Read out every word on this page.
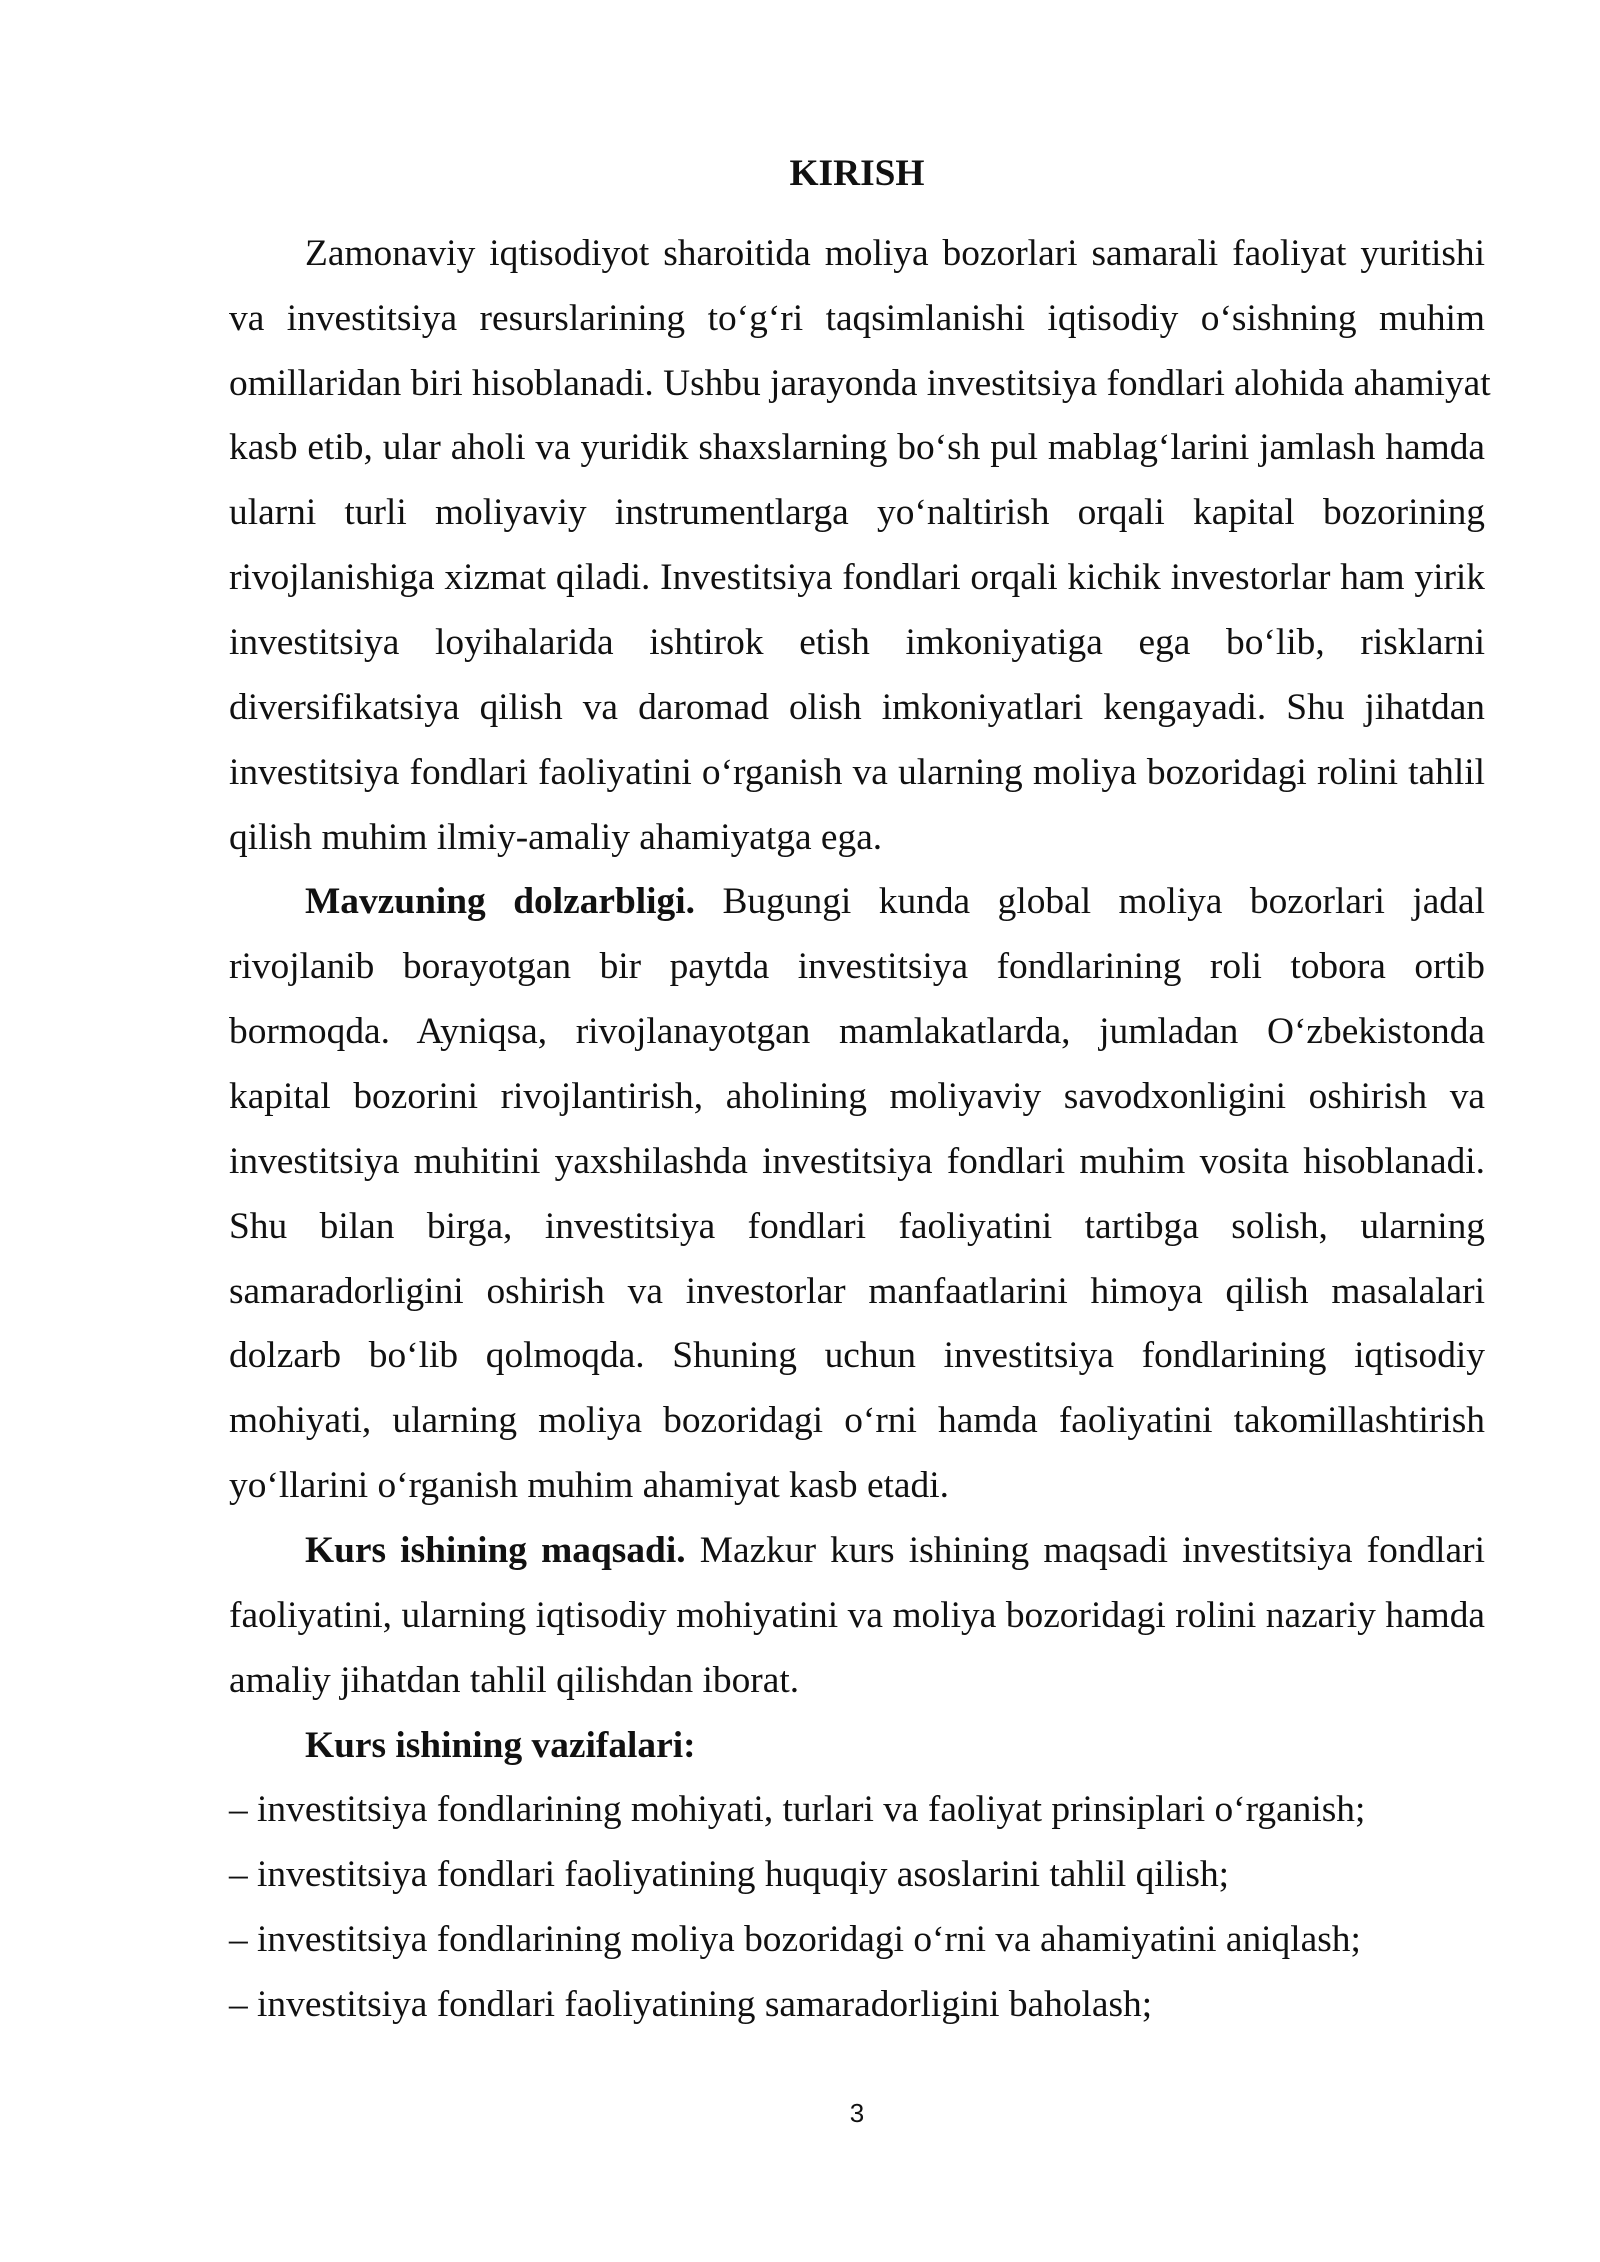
KIRISH
Zamonaviy iqtisodiyot sharoitida moliya bozorlari samarali faoliyat yuritishi
va investitsiya resurslarining to‘g‘ri taqsimlanishi iqtisodiy o‘sishning muhim
omillaridan biri hisoblanadi. Ushbu jarayonda investitsiya fondlari alohida ahamiyat
kasb etib, ular aholi va yuridik shaxslarning bo‘sh pul mablag‘larini jamlash hamda
ularni turli moliyaviy instrumentlarga yo‘naltirish orqali kapital bozorining
rivojlanishiga xizmat qiladi. Investitsiya fondlari orqali kichik investorlar ham yirik
investitsiya loyihalarida ishtirok etish imkoniyatiga ega bo‘lib, risklarni
diversifikatsiya qilish va daromad olish imkoniyatlari kengayadi. Shu jihatdan
investitsiya fondlari faoliyatini o‘rganish va ularning moliya bozoridagi rolini tahlil
qilish muhim ilmiy-amaliy ahamiyatga ega.
Mavzuning dolzarbligi. Bugungi kunda global moliya bozorlari jadal
rivojlanib borayotgan bir paytda investitsiya fondlarining roli tobora ortib
bormoqda. Ayniqsa, rivojlanayotgan mamlakatlarda, jumladan O‘zbekistonda
kapital bozorini rivojlantirish, aholining moliyaviy savodxonligini oshirish va
investitsiya muhitini yaxshilashda investitsiya fondlari muhim vosita hisoblanadi.
Shu bilan birga, investitsiya fondlari faoliyatini tartibga solish, ularning
samaradorligini oshirish va investorlar manfaatlarini himoya qilish masalalari
dolzarb bo‘lib qolmoqda. Shuning uchun investitsiya fondlarining iqtisodiy
mohiyati, ularning moliya bozoridagi o‘rni hamda faoliyatini takomillashtirish
yo‘llarini o‘rganish muhim ahamiyat kasb etadi.
Kurs ishining maqsadi. Mazkur kurs ishining maqsadi investitsiya fondlari
faoliyatini, ularning iqtisodiy mohiyatini va moliya bozoridagi rolini nazariy hamda
amaliy jihatdan tahlil qilishdan iborat.
Kurs ishining vazifalari:
– investitsiya fondlarining mohiyati, turlari va faoliyat prinsiplari o‘rganish;
– investitsiya fondlari faoliyatining huquqiy asoslarini tahlil qilish;
– investitsiya fondlarining moliya bozoridagi o‘rni va ahamiyatini aniqlash;
– investitsiya fondlari faoliyatining samaradorligini baholash;
3
